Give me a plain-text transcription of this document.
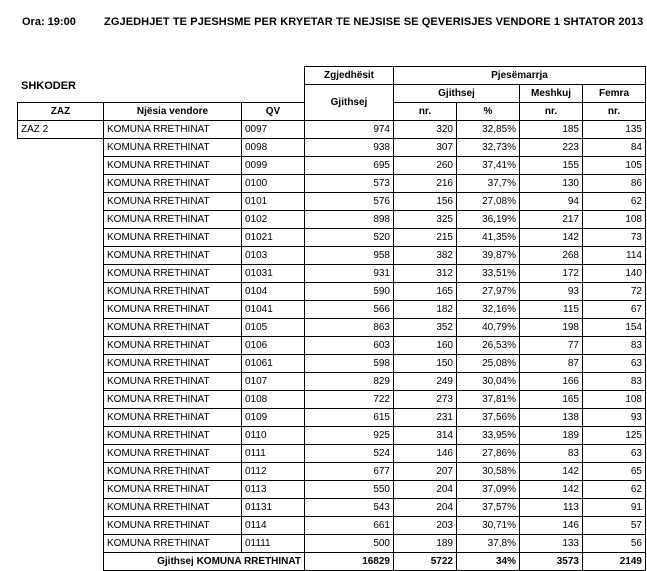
Ora: 19:00	ZGJEDHJET TE PJESHSME PER KRYETAR TE NEJSISE SE QEVERISJES VENDORE 1 SHTATOR 2013
SHKODER
			Zgjedhësit	Pjesëmarrja			
			Gjithsej	Gjithsej		Meshkuj	Femra
ZAZ	Njësia vendore	QV		nr.	%	nr.	nr.
ZAZ 2	KOMUNA RRETHINAT	0097	974	320	32,85%	185	135
	KOMUNA RRETHINAT	0098	938	307	32,73%	223	84
	KOMUNA RRETHINAT	0099	695	260	37,41%	155	105
	KOMUNA RRETHINAT	0100	573	216	37,7%	130	86
	KOMUNA RRETHINAT	0101	576	156	27,08%	94	62
	KOMUNA RRETHINAT	0102	898	325	36,19%	217	108
	KOMUNA RRETHINAT	01021	520	215	41,35%	142	73
	KOMUNA RRETHINAT	0103	958	382	39,87%	268	114
	KOMUNA RRETHINAT	01031	931	312	33,51%	172	140
	KOMUNA RRETHINAT	0104	590	165	27,97%	93	72
	KOMUNA RRETHINAT	01041	566	182	32,16%	115	67
	KOMUNA RRETHINAT	0105	863	352	40,79%	198	154
	KOMUNA RRETHINAT	0106	603	160	26,53%	77	83
	KOMUNA RRETHINAT	01061	598	150	25,08%	87	63
	KOMUNA RRETHINAT	0107	829	249	30,04%	166	83
	KOMUNA RRETHINAT	0108	722	273	37,81%	165	108
	KOMUNA RRETHINAT	0109	615	231	37,56%	138	93
	KOMUNA RRETHINAT	0110	925	314	33,95%	189	125
	KOMUNA RRETHINAT	0111	524	146	27,86%	83	63
	KOMUNA RRETHINAT	0112	677	207	30,58%	142	65
	KOMUNA RRETHINAT	0113	550	204	37,09%	142	62
	KOMUNA RRETHINAT	01131	543	204	37,57%	113	91
	KOMUNA RRETHINAT	0114	661	203	30,71%	146	57
	KOMUNA RRETHINAT	01111	500	189	37,8%	133	56
	Gjithsej KOMUNA RRETHINAT		16829	5722	34%	3573	2149
